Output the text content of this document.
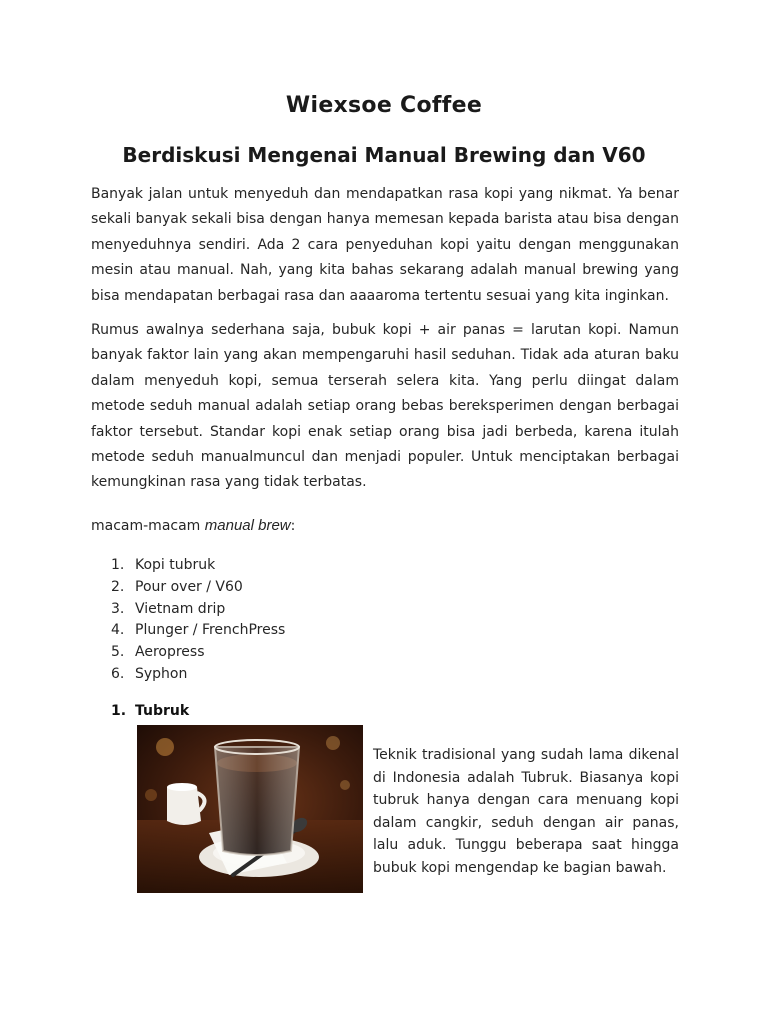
Wiexsoe Coffee
Berdiskusi Mengenai Manual Brewing dan V60

Banyak jalan untuk menyeduh dan mendapatkan rasa kopi yang nikmat. Ya benar sekali banyak sekali bisa dengan hanya memesan kepada barista atau bisa dengan menyeduhnya sendiri. Ada 2 cara penyeduhan kopi yaitu dengan menggunakan mesin atau manual. Nah, yang kita bahas sekarang adalah manual brewing yang bisa mendapatan berbagai rasa dan aaaaroma tertentu sesuai yang kita inginkan.

Rumus awalnya sederhana saja, bubuk kopi + air panas = larutan kopi. Namun banyak faktor lain yang akan mempengaruhi hasil seduhan. Tidak ada aturan baku dalam menyeduh kopi, semua terserah selera kita. Yang perlu diingat dalam metode seduh manual adalah setiap orang bebas bereksperimen dengan berbagai faktor tersebut. Standar kopi enak setiap orang bisa jadi berbeda, karena itulah metode seduh manualmuncul dan menjadi populer. Untuk menciptakan berbagai kemungkinan rasa yang tidak terbatas.

macam-macam manual brew:
1. Kopi tubruk
2. Pour over / V60
3. Vietnam drip
4. Plunger / FrenchPress
5. Aeropress
6. Syphon
1. Tubruk

Teknik tradisional yang sudah lama dikenal di Indonesia adalah Tubruk. Biasanya kopi tubruk hanya dengan cara menuang kopi dalam cangkir, seduh dengan air panas, lalu aduk. Tunggu beberapa saat hingga bubuk kopi mengendap ke bagian bawah.
